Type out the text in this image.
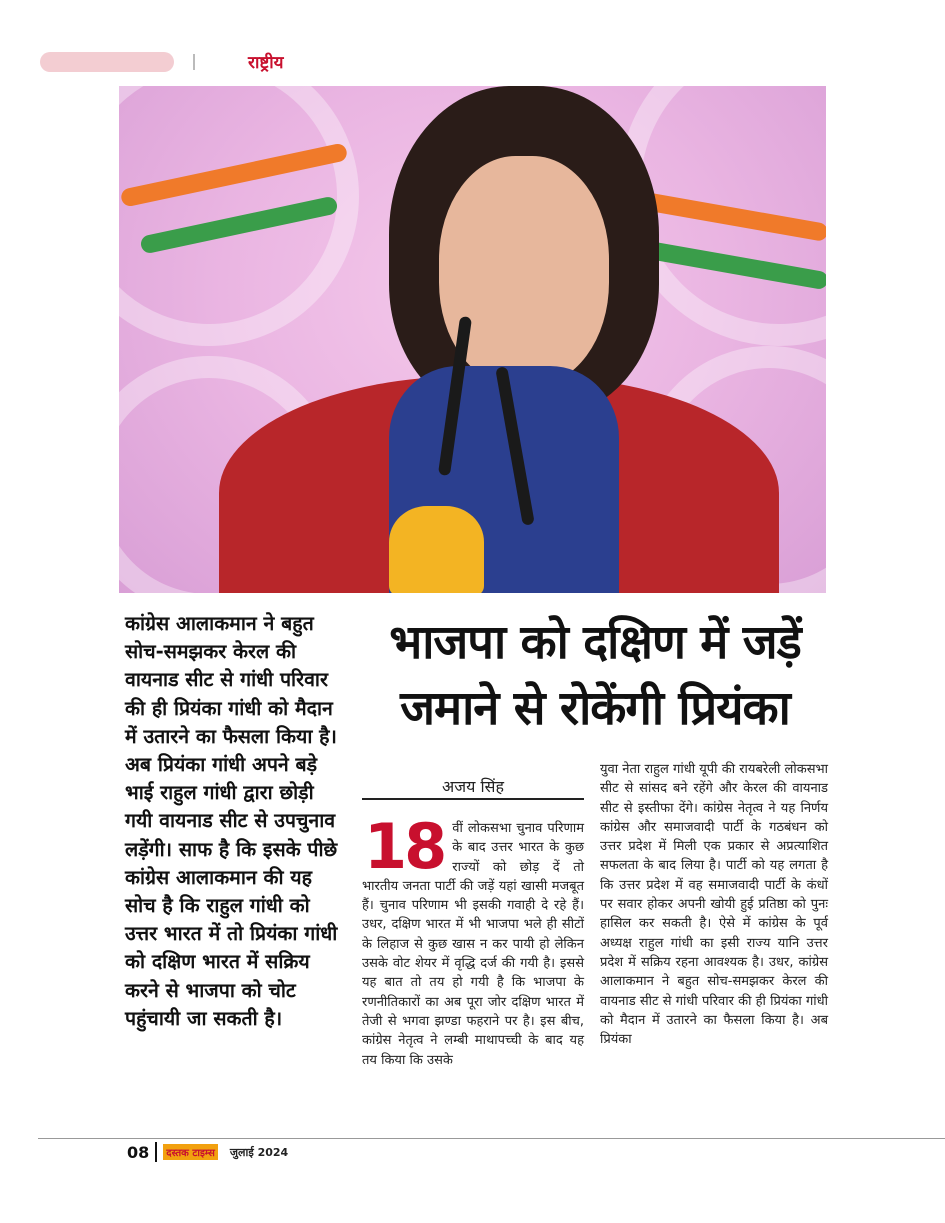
राष्ट्रीय
कांग्रेस आलाकमान ने बहुत सोच-समझकर केरल की वायनाड सीट से गांधी परिवार की ही प्रियंका गांधी को मैदान में उतारने का फैसला किया है। अब प्रियंका गांधी अपने बड़े भाई राहुल गांधी द्वारा छोड़ी गयी वायनाड सीट से उपचुनाव लड़ेंगी। साफ है कि इसके पीछे कांग्रेस आलाकमान की यह सोच है कि राहुल गांधी को उत्तर भारत में तो प्रियंका गांधी को दक्षिण भारत में सक्रिय करने से भाजपा को चोट पहुंचायी जा सकती है।
भाजपा को दक्षिण में जड़ें
जमाने से रोकेंगी प्रियंका
अजय सिंह
18 वीं लोकसभा चुनाव परिणाम के बाद उत्तर भारत के कुछ राज्यों को छोड़ दें तो भारतीय जनता पार्टी की जड़ें यहां खासी मजबूत हैं। चुनाव परिणाम भी इसकी गवाही दे रहे हैं। उधर, दक्षिण भारत में भी भाजपा भले ही सीटों के लिहाज से कुछ खास न कर पायी हो लेकिन उसके वोट शेयर में वृद्धि दर्ज की गयी है। इससे यह बात तो तय हो गयी है कि भाजपा के रणनीतिकारों का अब पूरा जोर दक्षिण भारत में तेजी से भगवा झण्डा फहराने पर है। इस बीच, कांग्रेस नेतृत्व ने लम्बी माथापच्ची के बाद यह तय किया कि उसके
युवा नेता राहुल गांधी यूपी की रायबरेली लोकसभा सीट से सांसद बने रहेंगे और केरल की वायनाड सीट से इस्तीफा देंगे। कांग्रेस नेतृत्व ने यह निर्णय कांग्रेस और समाजवादी पार्टी के गठबंधन को उत्तर प्रदेश में मिली एक प्रकार से अप्रत्याशित सफलता के बाद लिया है। पार्टी को यह लगता है कि उत्तर प्रदेश में वह समाजवादी पार्टी के कंधों पर सवार होकर अपनी खोयी हुई प्रतिष्ठा को पुनः हासिल कर सकती है। ऐसे में कांग्रेस के पूर्व अध्यक्ष राहुल गांधी का इसी राज्य यानि उत्तर प्रदेश में सक्रिय रहना आवश्यक है। उधर, कांग्रेस आलाकमान ने बहुत सोच-समझकर केरल की वायनाड सीट से गांधी परिवार की ही प्रियंका गांधी को मैदान में उतारने का फैसला किया है। अब प्रियंका
08	दस्तक टाइम्स जुलाई 2024
